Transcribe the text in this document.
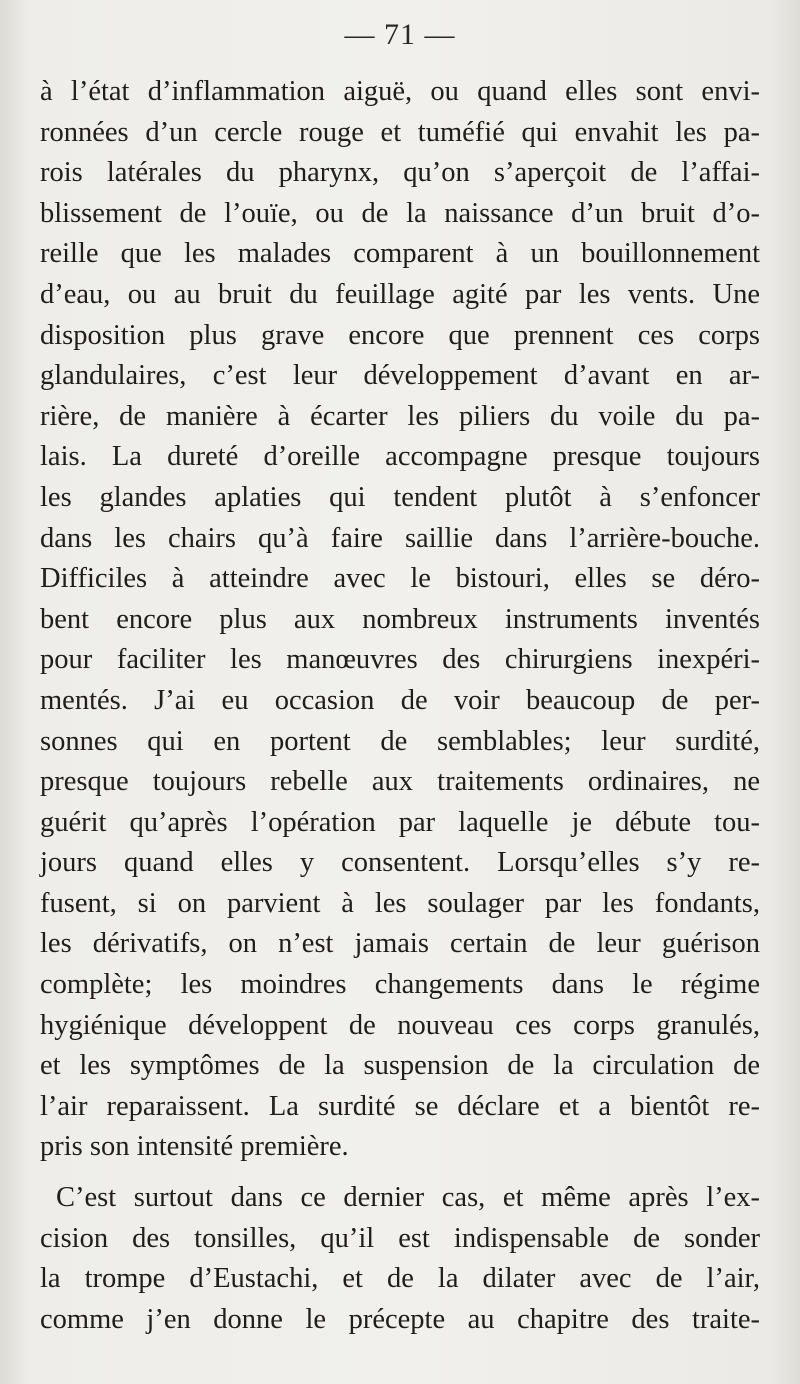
— 71 —
à l’état d’inflammation aiguë, ou quand elles sont envi-
ronnées d’un cercle rouge et tuméfié qui envahit les pa-
rois latérales du pharynx, qu’on s’aperçoit de l’affai-
blissement de l’ouïe, ou de la naissance d’un bruit d’o-
reille que les malades comparent à un bouillonnement
d’eau, ou au bruit du feuillage agité par les vents. Une
disposition plus grave encore que prennent ces corps
glandulaires, c’est leur développement d’avant en ar-
rière, de manière à écarter les piliers du voile du pa-
lais. La dureté d’oreille accompagne presque toujours
les glandes aplaties qui tendent plutôt à s’enfoncer
dans les chairs qu’à faire saillie dans l’arrière-bouche.
Difficiles à atteindre avec le bistouri, elles se déro-
bent encore plus aux nombreux instruments inventés
pour faciliter les manœuvres des chirurgiens inexpéri-
mentés. J’ai eu occasion de voir beaucoup de per-
sonnes qui en portent de semblables; leur surdité,
presque toujours rebelle aux traitements ordinaires, ne
guérit qu’après l’opération par laquelle je débute tou-
jours quand elles y consentent. Lorsqu’elles s’y re-
fusent, si on parvient à les soulager par les fondants,
les dérivatifs, on n’est jamais certain de leur guérison
complète; les moindres changements dans le régime
hygiénique développent de nouveau ces corps granulés,
et les symptômes de la suspension de la circulation de
l’air reparaissent. La surdité se déclare et a bientôt re-
pris son intensité première.
C’est surtout dans ce dernier cas, et même après l’ex-
cision des tonsilles, qu’il est indispensable de sonder
la trompe d’Eustachi, et de la dilater avec de l’air,
comme j’en donne le précepte au chapitre des traite-
